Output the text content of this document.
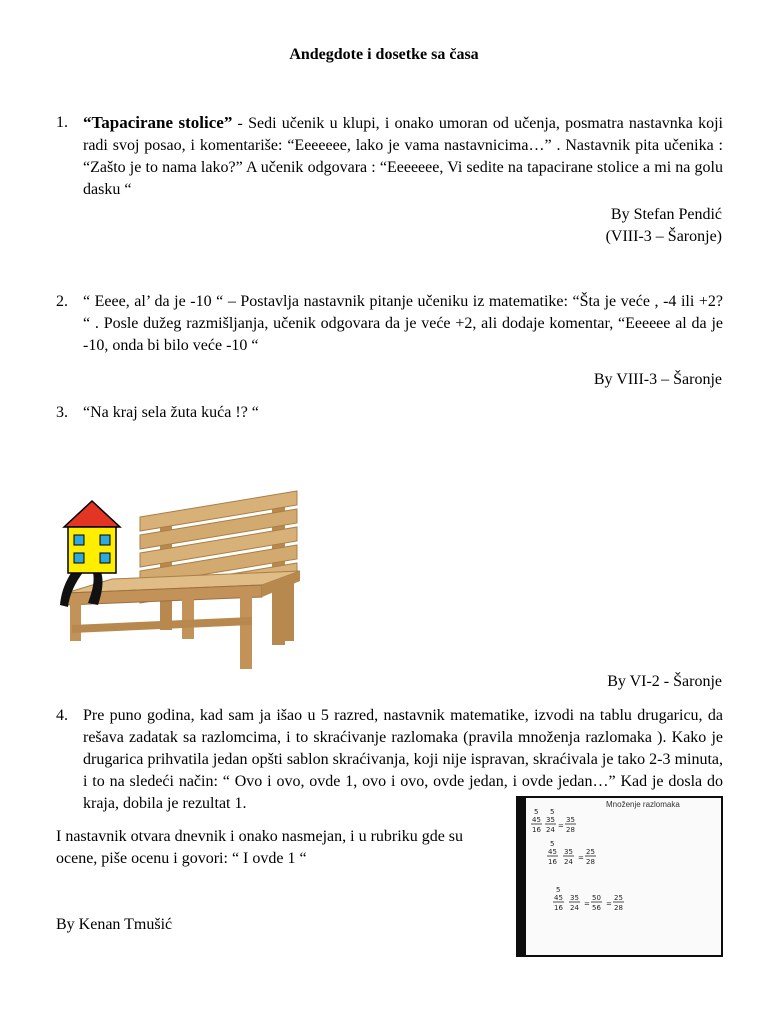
Andegdote i dosetke sa časa
1. “Tapacirane stolice” - Sedi učenik u klupi, i onako umoran od učenja, posmatra nastavnka koji radi svoj posao, i komentariše: “Eeeeeee, lako je vama nastavnicima…” . Nastavnik pita učenika : “Zašto je to nama lako?” A učenik odgovara : “Eeeeeee, Vi sedite na tapacirane stolice a mi na golu dasku “
By Stefan Pendić
(VIII-3 – Šaronje)
2. “ Eeee, al’ da je -10 “ – Postavlja nastavnik pitanje učeniku iz matematike: “Šta je veće , -4 ili +2? “ . Posle dužeg razmišljanja, učenik odgovara da je veće +2, ali dodaje komentar, “Eeeeee al da je -10, onda bi bilo veće -10 “
By VIII-3 – Šaronje
3. “Na kraj sela žuta kuća !? “
By VI-2 - Šaronje
4. Pre puno godina, kad sam ja išao u 5 razred, nastavnik matematike, izvodi na tablu drugaricu, da rešava zadatak sa razlomcima, i to skraćivanje razlomaka (pravila množenja razlomaka ). Kako je drugarica prihvatila jedan opšti sablon skraćivanja, koji nije ispravan, skraćivala je tako 2-3 minuta, i to na sledeći način: “ Ovo i ovo, ovde 1, ovo i ovo, ovde jedan, i ovde jedan…” Kad je dosla do kraja, dobila je rezultat 1.
I nastavnik otvara dnevnik i onako nasmejan, i u rubriku gde su ocene, piše ocenu i govori: “ I ovde 1 “
By Kenan Tmušić
Množenje razlomaka
5 5
45
16
35
24 =
35
28
5
45
16
35
24 =
25
28
5
45
16
35
24 =
50
56 =
25
28
